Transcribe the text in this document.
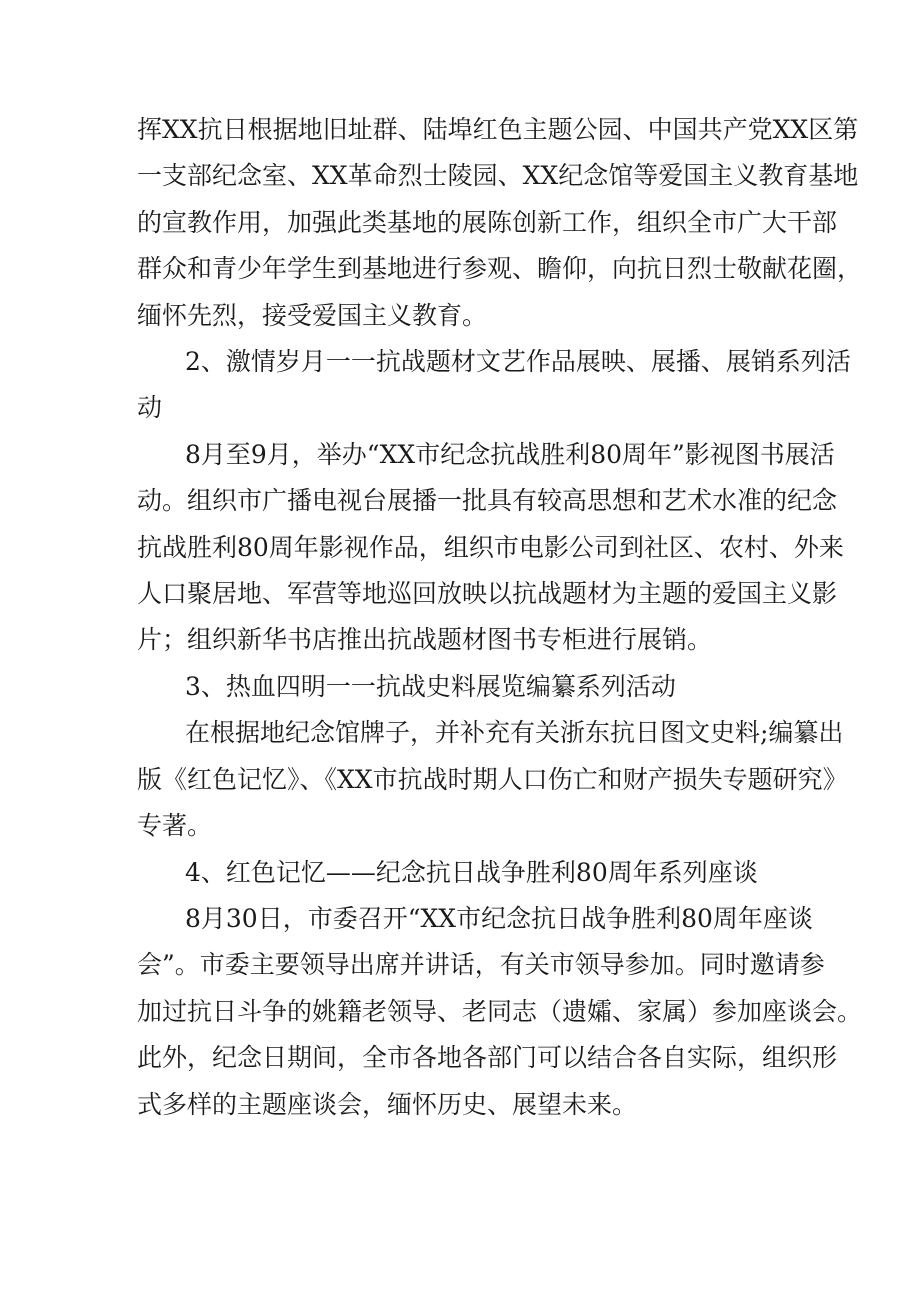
挥XX抗日根据地旧址群、陆埠红色主题公园、中国共产党XX区第
一支部纪念室、XX革命烈士陵园、XX纪念馆等爱国主义教育基地
的宣教作用，加强此类基地的展陈创新工作，组织全市广大干部
群众和青少年学生到基地进行参观、瞻仰，向抗日烈士敬献花圈，
缅怀先烈，接受爱国主义教育。

2、激情岁月一一抗战题材文艺作品展映、展播、展销系列活
动

8月至9月，举办“XX市纪念抗战胜利80周年”影视图书展活
动。组织市广播电视台展播一批具有较高思想和艺术水准的纪念
抗战胜利80周年影视作品，组织市电影公司到社区、农村、外来
人口聚居地、军营等地巡回放映以抗战题材为主题的爱国主义影
片；组织新华书店推出抗战题材图书专柜进行展销。

3、热血四明一一抗战史料展览编纂系列活动

在根据地纪念馆牌子，并补充有关浙东抗日图文史料;编纂出
版《红色记忆》、《XX市抗战时期人口伤亡和财产损失专题研究》
专著。

4、红色记忆——纪念抗日战争胜利80周年系列座谈

8月30日，市委召开“XX市纪念抗日战争胜利80周年座谈
会”。市委主要领导出席并讲话，有关市领导参加。同时邀请参
加过抗日斗争的姚籍老领导、老同志（遗孀、家属）参加座谈会。
此外，纪念日期间，全市各地各部门可以结合各自实际，组织形
式多样的主题座谈会，缅怀历史、展望未来。
